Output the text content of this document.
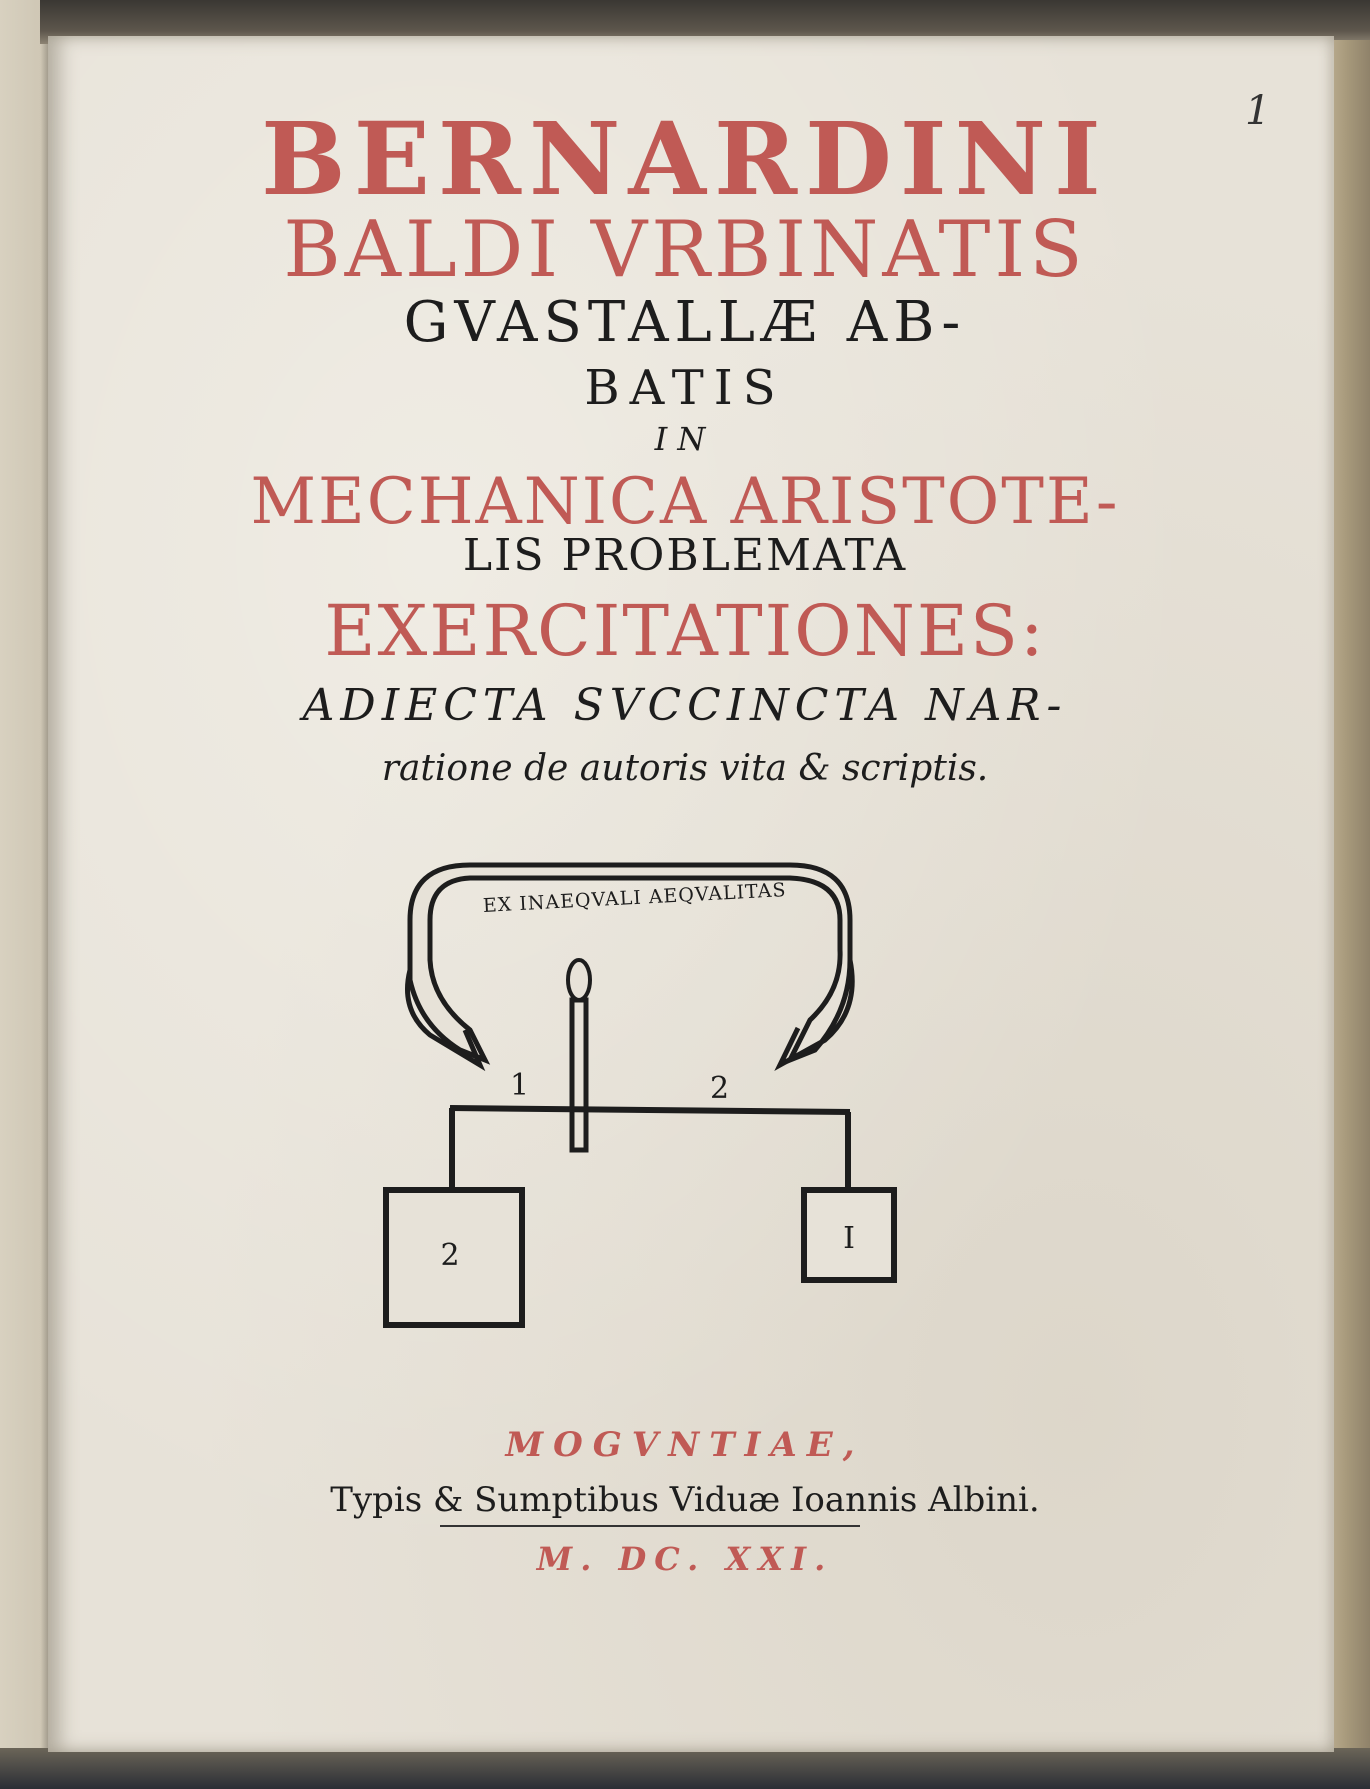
1
BERNARDINI
BALDI VRBINATIS
GVASTALLÆ AB-
BATIS
IN
MECHANICA ARISTOTE-
LIS PROBLEMATA
EXERCITATIONES:
ADIECTA SVCCINCTA NAR-
ratione de autoris vita & scriptis.
EX INAEQVALI AEQVALITAS
1	2
2	I
MOGVNTIAE,
Typis & Sumptibus Viduæ Ioannis Albini.
M. DC. XXI.
